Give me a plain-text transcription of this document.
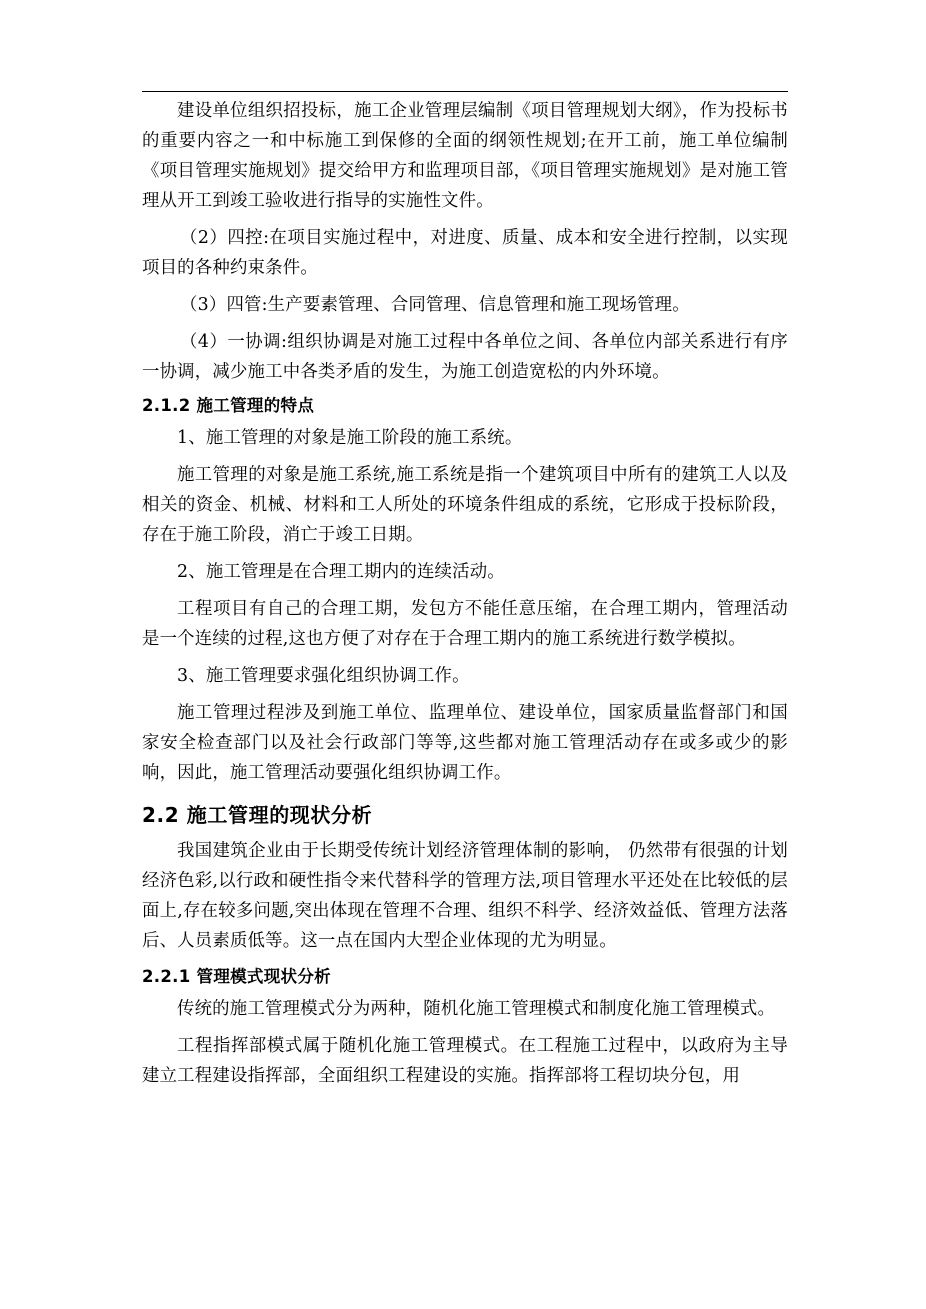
建设单位组织招投标，施工企业管理层编制《项目管理规划大纲》，作为投标书的重要内容之一和中标施工到保修的全面的纲领性规划;在开工前，施工单位编制《项目管理实施规划》提交给甲方和监理项目部，《项目管理实施规划》是对施工管理从开工到竣工验收进行指导的实施性文件。

（2）四控:在项目实施过程中，对进度、质量、成本和安全进行控制，以实现项目的各种约束条件。

（3）四管:生产要素管理、合同管理、信息管理和施工现场管理。

（4）一协调:组织协调是对施工过程中各单位之间、各单位内部关系进行有序一协调，减少施工中各类矛盾的发生，为施工创造宽松的内外环境。

2.1.2 施工管理的特点

1、施工管理的对象是施工阶段的施工系统。

施工管理的对象是施工系统,施工系统是指一个建筑项目中所有的建筑工人以及相关的资金、机械、材料和工人所处的环境条件组成的系统，它形成于投标阶段，存在于施工阶段，消亡于竣工日期。

2、施工管理是在合理工期内的连续活动。

工程项目有自己的合理工期，发包方不能任意压缩，在合理工期内，管理活动是一个连续的过程,这也方便了对存在于合理工期内的施工系统进行数学模拟。

3、施工管理要求强化组织协调工作。

施工管理过程涉及到施工单位、监理单位、建设单位，国家质量监督部门和国家安全检查部门以及社会行政部门等等,这些都对施工管理活动存在或多或少的影响，因此，施工管理活动要强化组织协调工作。

2.2 施工管理的现状分析

我国建筑企业由于长期受传统计划经济管理体制的影响， 仍然带有很强的计划经济色彩,以行政和硬性指令来代替科学的管理方法,项目管理水平还处在比较低的层面上,存在较多问题,突出体现在管理不合理、组织不科学、经济效益低、管理方法落后、人员素质低等。这一点在国内大型企业体现的尤为明显。

2.2.1 管理模式现状分析

传统的施工管理模式分为两种，随机化施工管理模式和制度化施工管理模式。

工程指挥部模式属于随机化施工管理模式。在工程施工过程中，以政府为主导建立工程建设指挥部，全面组织工程建设的实施。指挥部将工程切块分包，用
